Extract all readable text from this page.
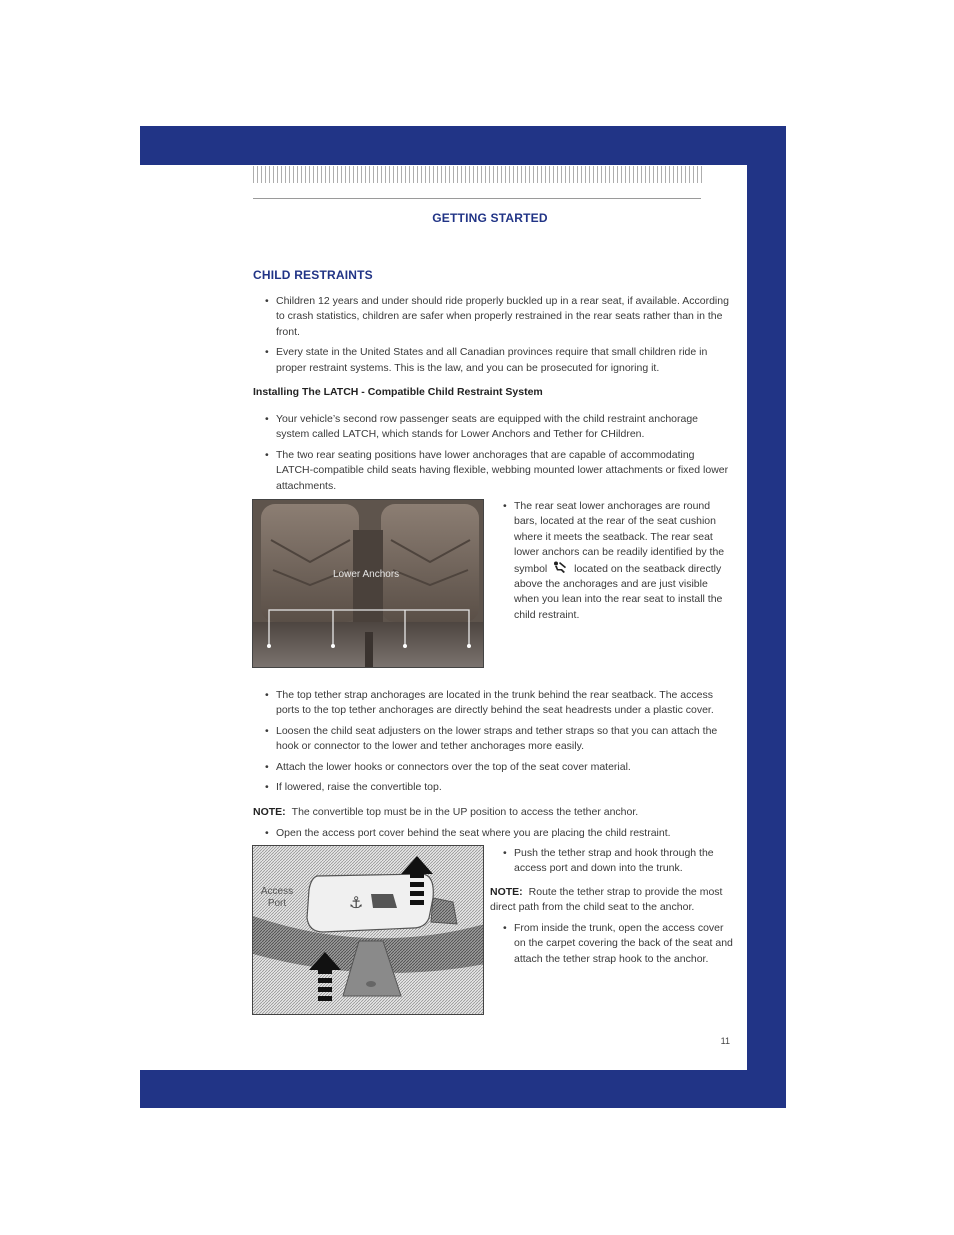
GETTING STARTED
CHILD RESTRAINTS
• Children 12 years and under should ride properly buckled up in a rear seat, if available. According to crash statistics, children are safer when properly restrained in the rear seats rather than in the front.
• Every state in the United States and all Canadian provinces require that small children ride in proper restraint systems. This is the law, and you can be prosecuted for ignoring it.
Installing The LATCH - Compatible Child Restraint System
• Your vehicle’s second row passenger seats are equipped with the child restraint anchorage system called LATCH, which stands for Lower Anchors and Tether for CHildren.
• The two rear seating positions have lower anchorages that are capable of accommodating LATCH-compatible child seats having flexible, webbing mounted lower attachments or fixed lower attachments.
Lower Anchors
• The rear seat lower anchorages are round bars, located at the rear of the seat cushion where it meets the seatback. The rear seat lower anchors can be readily identified by the symbol	located on the seatback directly above the anchorages and are just visible when you lean into the rear seat to install the child restraint.
• The top tether strap anchorages are located in the trunk behind the rear seatback. The access ports to the top tether anchorages are directly behind the seat headrests under a plastic cover.
• Loosen the child seat adjusters on the lower straps and tether straps so that you can attach the hook or connector to the lower and tether anchorages more easily.
• Attach the lower hooks or connectors over the top of the seat cover material.
• If lowered, raise the convertible top.
NOTE: The convertible top must be in the UP position to access the tether anchor.
• Open the access port cover behind the seat where you are placing the child restraint.
⚓
Access
Port
• Push the tether strap and hook through the access port and down into the trunk.
NOTE: Route the tether strap to provide the most direct path from the child seat to the anchor.
• From inside the trunk, open the access cover on the carpet covering the back of the seat and attach the tether strap hook to the anchor.
11
